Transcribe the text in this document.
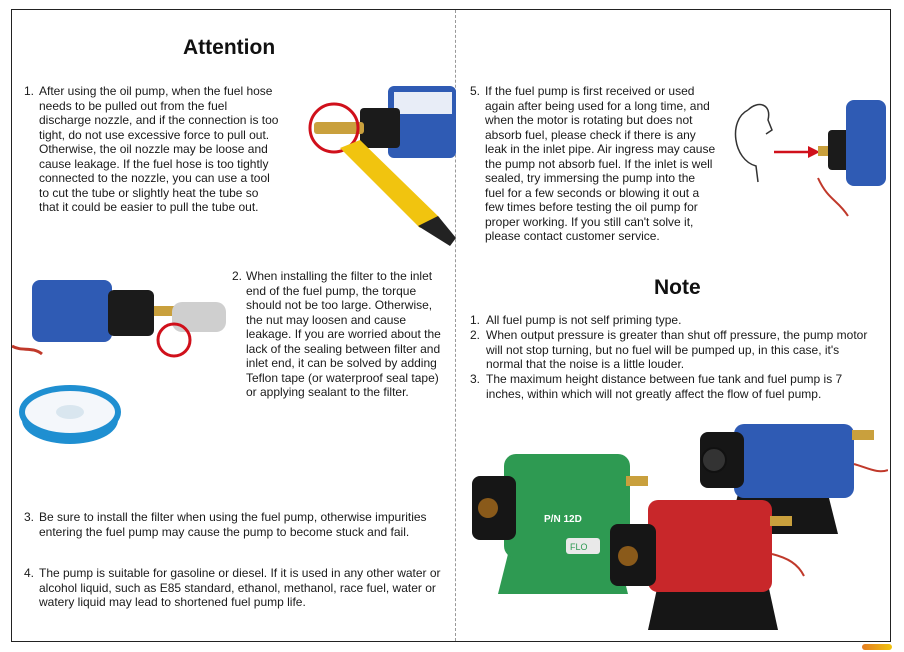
Attention
1. After using the oil pump, when the fuel hose needs to be pulled out from the fuel discharge nozzle, and if the connection is too tight, do not use excessive force to pull out. Otherwise, the oil nozzle may be loose and cause leakage. If the fuel hose is too tightly connected to the nozzle, you can use a tool to cut the tube or slightly heat the tube so that it could be easier to pull the tube out.
2. When installing the filter to the inlet end of the fuel pump, the torque should not be too large. Otherwise, the nut may loosen and cause leakage. If you are worried about the lack of the sealing between filter and inlet end, it can be solved by adding Teflon tape (or waterproof seal tape) or applying sealant to the filter.
3. Be sure to install the filter when using the fuel pump, otherwise impurities entering the fuel pump may cause the pump to become stuck and fail.
4. The pump is suitable for gasoline or diesel. If it is used in any other water or alcohol liquid, such as E85 standard, ethanol, methanol, race fuel, water or watery liquid may lead to shortened fuel pump life.
5. If the fuel pump is first received or used again after being used for a long time, and when the motor is rotating but does not absorb fuel, please check if there is any leak in the inlet pipe. Air ingress may cause the pump not absorb fuel. If the inlet is well sealed, try immersing the pump into the fuel for a few seconds or blowing it out a few times before testing the oil pump for proper working. If you still can't solve it, please contact customer service.
Note
1. All fuel pump is not self priming type.
2. When output pressure is greater than shut off pressure, the pump motor will not stop turning, but no fuel will be pumped up, in this case, it's normal that the noise is a little louder.
3. The maximum height distance between fue tank and fuel pump is 7 inches, within which will not greatly affect the flow of fuel pump.
P/N 12D
FLO
